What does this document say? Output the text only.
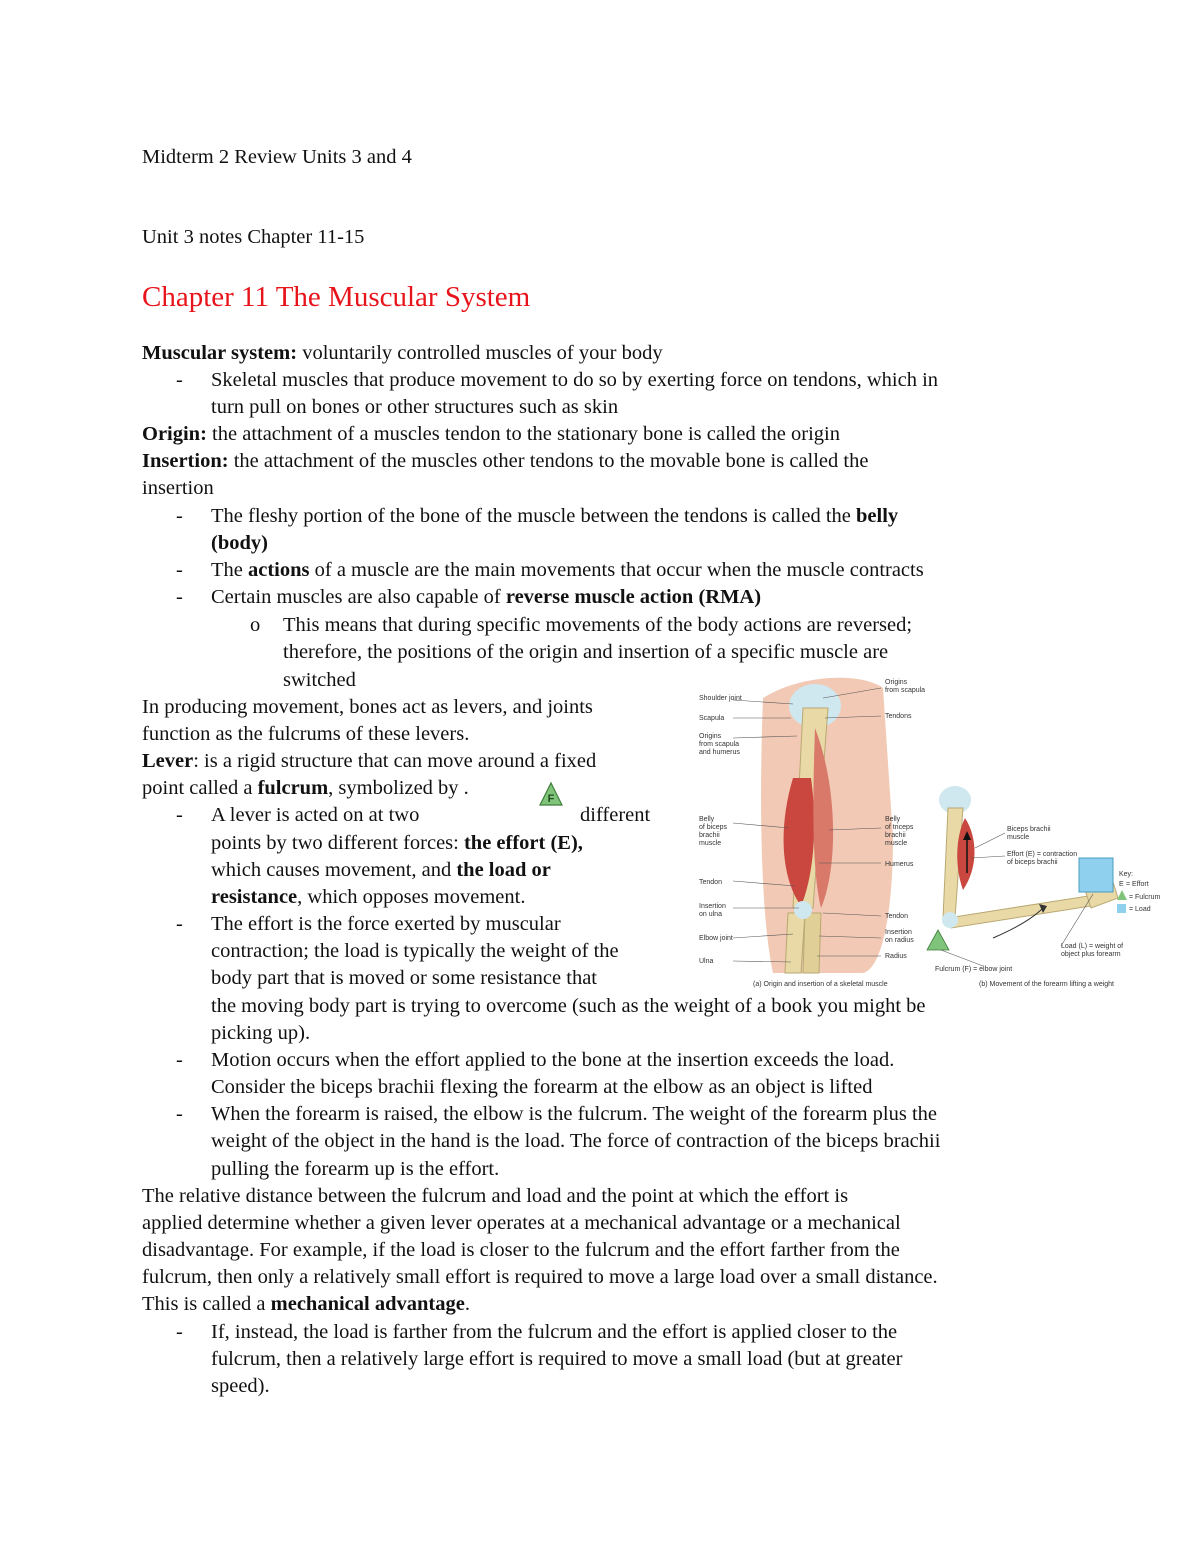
Midterm 2 Review Units 3 and 4
Unit 3 notes Chapter 11-15
Chapter 11 The Muscular System
Muscular system: voluntarily controlled muscles of your body
- Skeletal muscles that produce movement to do so by exerting force on tendons, which in
turn pull on bones or other structures such as skin
Origin: the attachment of a muscles tendon to the stationary bone is called the origin
Insertion: the attachment of the muscles other tendons to the movable bone is called the
insertion
- The fleshy portion of the bone of the muscle between the tendons is called the belly
(body)
- The actions of a muscle are the main movements that occur when the muscle contracts
- Certain muscles are also capable of reverse muscle action (RMA)
o This means that during specific movements of the body actions are reversed;
therefore, the positions of the origin and insertion of a specific muscle are
switched
In producing movement, bones act as levers, and joints
function as the fulcrums of these levers.
Lever: is a rigid structure that can move around a fixed
point called a fulcrum, symbolized by .	F
- A lever is acted on at two	different
points by two different forces: the effort (E),
which causes movement, and the load or
resistance, which opposes movement.
- The effort is the force exerted by muscular
contraction; the load is typically the weight of the
body part that is moved or some resistance that
the moving body part is trying to overcome (such as the weight of a book you might be
picking up).
- Motion occurs when the effort applied to the bone at the insertion exceeds the load.
Consider the biceps brachii flexing the forearm at the elbow as an object is lifted
- When the forearm is raised, the elbow is the fulcrum. The weight of the forearm plus the
weight of the object in the hand is the load. The force of contraction of the biceps brachii
pulling the forearm up is the effort.
The relative distance between the fulcrum and load and the point at which the effort is
applied determine whether a given lever operates at a mechanical advantage or a mechanical
disadvantage. For example, if the load is closer to the fulcrum and the effort farther from the
fulcrum, then only a relatively small effort is required to move a large load over a small distance.
This is called a mechanical advantage.
- If, instead, the load is farther from the fulcrum and the effort is applied closer to the
fulcrum, then a relatively large effort is required to move a small load (but at greater
speed).
Shoulder joint
Scapula
Origins
from scapula
and humerus
Belly
of biceps
brachii
muscle
Tendon
Insertion
on ulna
Elbow joint
Ulna
Origins
from scapula
Tendons
Belly
of triceps
brachii
muscle
Humerus
Tendon
Insertion
on radius
Radius
(a) Origin and insertion of a skeletal muscle
Biceps brachii
muscle
Effort (E) = contraction
of biceps brachii
Load (L) = weight of
object plus forearm
Fulcrum (F) = elbow joint
(b) Movement of the forearm lifting a weight
Key:
E = Effort
= Fulcrum
= Load
